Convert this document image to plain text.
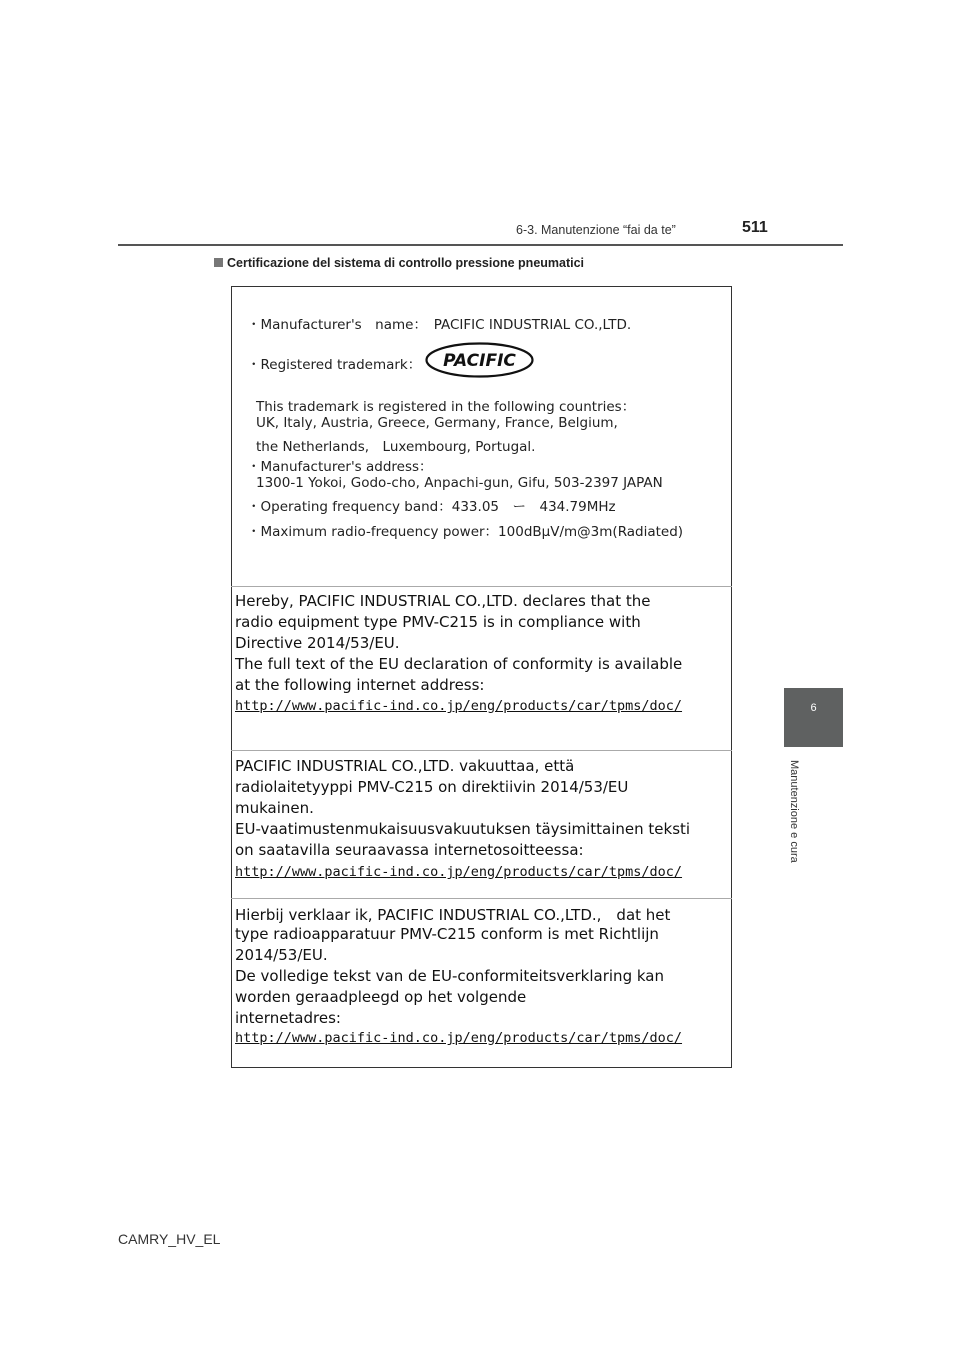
6-3. Manutenzione “fai da te”	511
Certificazione del sistema di controllo pressione pneumatici
6
Manutenzione e cura
・Manufacturer's　name：　PACIFIC INDUSTRIAL CO.,LTD.
・Registered trademark： PACIFIC
This trademark is registered in the following countries：
UK, Italy, Austria, Greece, Germany, France, Belgium,
the Netherlands,　Luxembourg, Portugal.
・Manufacturer's address：
1300-1 Yokoi, Godo-cho, Anpachi-gun, Gifu, 503-2397 JAPAN
・Operating frequency band：433.05　ー　434.79MHz
・Maximum radio-frequency power：100dBμV/m@3m(Radiated)
Hereby, PACIFIC INDUSTRIAL CO.,LTD. declares that the
radio equipment type PMV-C215 is in compliance with
Directive 2014/53/EU.
The full text of the EU declaration of conformity is available
at the following internet address:
http://www.pacific-ind.co.jp/eng/products/car/tpms/doc/
PACIFIC INDUSTRIAL CO.,LTD. vakuuttaa, että
radiolaitetyyppi PMV-C215 on direktiivin 2014/53/EU
mukainen.
EU-vaatimustenmukaisuusvakuutuksen täysimittainen teksti
on saatavilla seuraavassa internetosoitteessa:
http://www.pacific-ind.co.jp/eng/products/car/tpms/doc/
Hierbij verklaar ik, PACIFIC INDUSTRIAL CO.,LTD.,　dat het
type radioapparatuur PMV-C215 conform is met Richtlijn
2014/53/EU.
De volledige tekst van de EU-conformiteitsverklaring kan
worden geraadpleegd op het volgende
internetadres:
http://www.pacific-ind.co.jp/eng/products/car/tpms/doc/
CAMRY_HV_EL
